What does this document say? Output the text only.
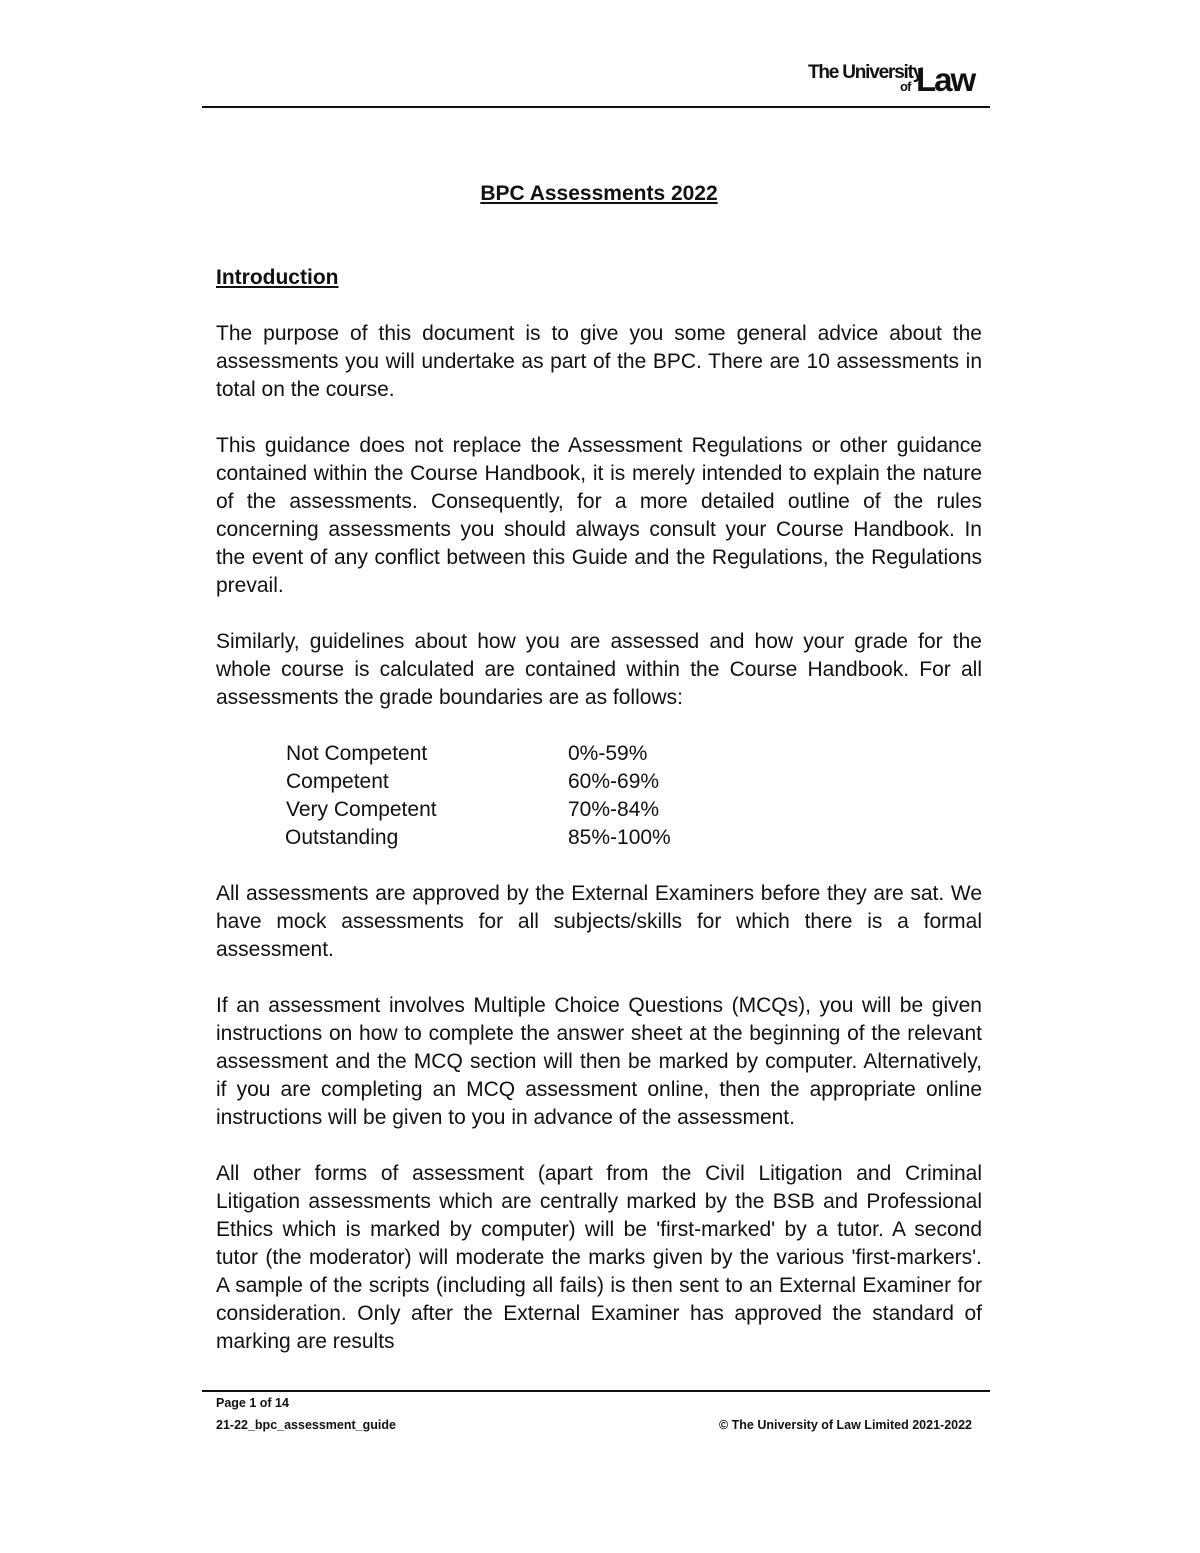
The University
of Law
BPC Assessments 2022
Introduction

The purpose of this document is to give you some general advice about the assessments you will undertake as part of the BPC. There are 10 assessments in total on the course.

This guidance does not replace the Assessment Regulations or other guidance contained within the Course Handbook, it is merely intended to explain the nature of the assessments. Consequently, for a more detailed outline of the rules concerning assessments you should always consult your Course Handbook. In the event of any conflict between this Guide and the Regulations, the Regulations prevail.

Similarly, guidelines about how you are assessed and how your grade for the whole course is calculated are contained within the Course Handbook. For all assessments the grade boundaries are as follows:

Not Competent	0%-59%
Competent	60%-69%
Very Competent	70%-84%
Outstanding	85%-100%

All assessments are approved by the External Examiners before they are sat. We have mock assessments for all subjects/skills for which there is a formal assessment.

If an assessment involves Multiple Choice Questions (MCQs), you will be given instructions on how to complete the answer sheet at the beginning of the relevant assessment and the MCQ section will then be marked by computer. Alternatively, if you are completing an MCQ assessment online, then the appropriate online instructions will be given to you in advance of the assessment.

All other forms of assessment (apart from the Civil Litigation and Criminal Litigation assessments which are centrally marked by the BSB and Professional Ethics which is marked by computer) will be 'first-marked' by a tutor. A second tutor (the moderator) will moderate the marks given by the various 'first-markers'. A sample of the scripts (including all fails) is then sent to an External Examiner for consideration. Only after the External Examiner has approved the standard of marking are results

Page 1 of 14
21-22_bpc_assessment_guide	© The University of Law Limited 2021-2022
